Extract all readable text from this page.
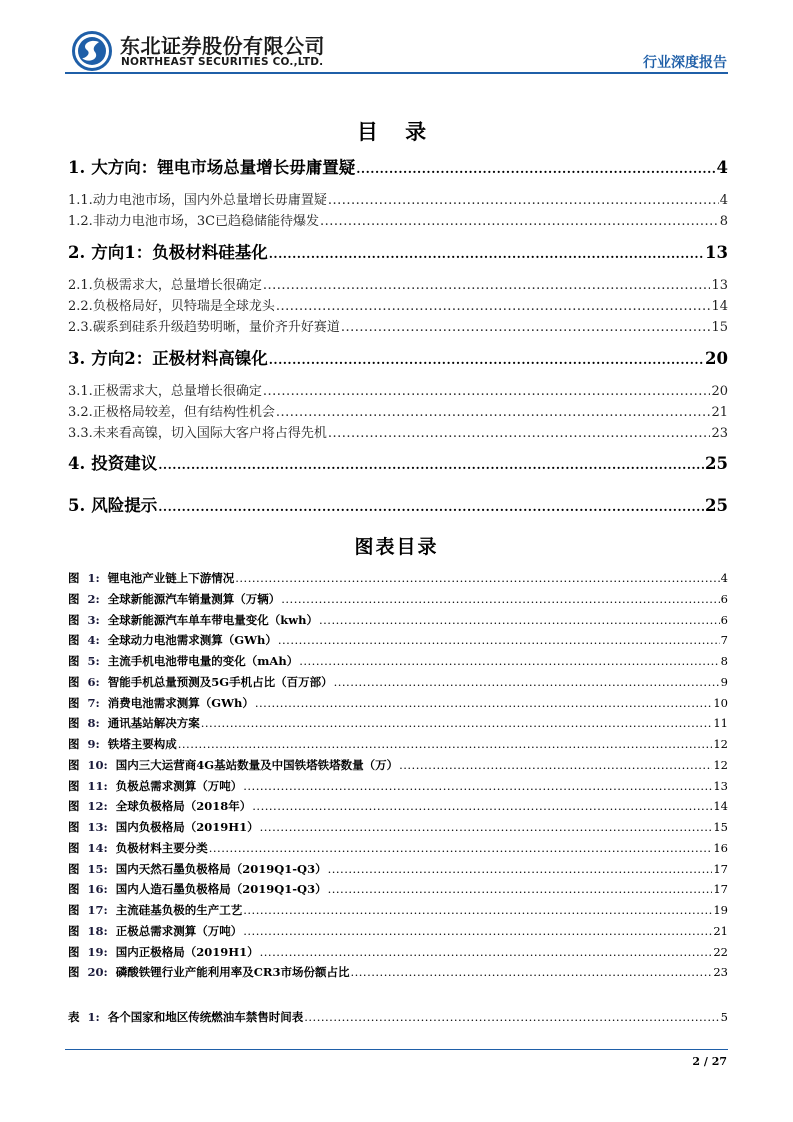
东北证券股份有限公司
NORTHEAST SECURITIES CO.,LTD.	行业深度报告
目 录
1. 大方向：锂电市场总量增长毋庸置疑 .....	4
1.1. 动力电池市场，国内外总量增长毋庸置疑 .....	4
1.2. 非动力电池市场，3C已趋稳储能待爆发 .....	8
2. 方向1：负极材料硅基化 .....	13
2.1. 负极需求大，总量增长很确定 .....	13
2.2. 负极格局好，贝特瑞是全球龙头 .....	14
2.3. 碳系到硅系升级趋势明晰，量价齐升好赛道 .....	15
3. 方向2：正极材料高镍化 .....	20
3.1. 正极需求大，总量增长很确定 .....	20
3.2. 正极格局较差，但有结构性机会 .....	21
3.3. 未来看高镍，切入国际大客户将占得先机 .....	23
4. 投资建议 .....	25
5. 风险提示 .....	25
图表目录
图 1: 锂电池产业链上下游情况 .....	4
图 2: 全球新能源汽车销量测算（万辆） .....	6
图 3: 全球新能源汽车单车带电量变化（kwh） .....	6
图 4: 全球动力电池需求测算（GWh） .....	7
图 5: 主流手机电池带电量的变化（mAh） .....	8
图 6: 智能手机总量预测及5G手机占比（百万部） .....	9
图 7: 消费电池需求测算（GWh） .....	10
图 8: 通讯基站解决方案 .....	11
图 9: 铁塔主要构成 .....	12
图 10: 国内三大运营商4G基站数量及中国铁塔铁塔数量（万） .....	12
图 11: 负极总需求测算（万吨） .....	13
图 12: 全球负极格局（2018年） .....	14
图 13: 国内负极格局（2019H1） .....	15
图 14: 负极材料主要分类 .....	16
图 15: 国内天然石墨负极格局（2019Q1-Q3） .....	17
图 16: 国内人造石墨负极格局（2019Q1-Q3） .....	17
图 17: 主流硅基负极的生产工艺 .....	19
图 18: 正极总需求测算（万吨） .....	21
图 19: 国内正极格局（2019H1） .....	22
图 20: 磷酸铁锂行业产能利用率及CR3市场份额占比 .....	23
表 1: 各个国家和地区传统燃油车禁售时间表 .....	5
2 / 27
